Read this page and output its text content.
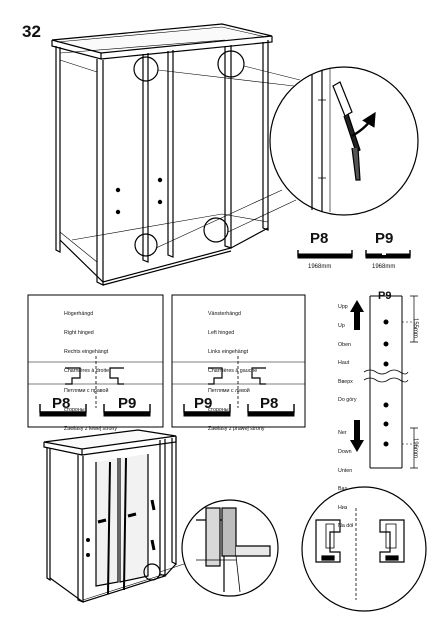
32
P8	P9
1968mm	1968mm

Högerhängd

Right hinged

Rechts eingehängt

Charnières à droite

Петлями с правой

стороны

Zawiasy z lewej strony

P8	P9

Vänsterhängd

Left hinged

Links eingehängt

Charnières à gauche

Петлями с левой

стороны

Zawiasy z prawej strony

P9	P8
P9

Upp

Up

Oben

Haut

Вверх

Do góry

Ner

Down

Unten

Bas

Низ

Na dół

155mm
196mm
